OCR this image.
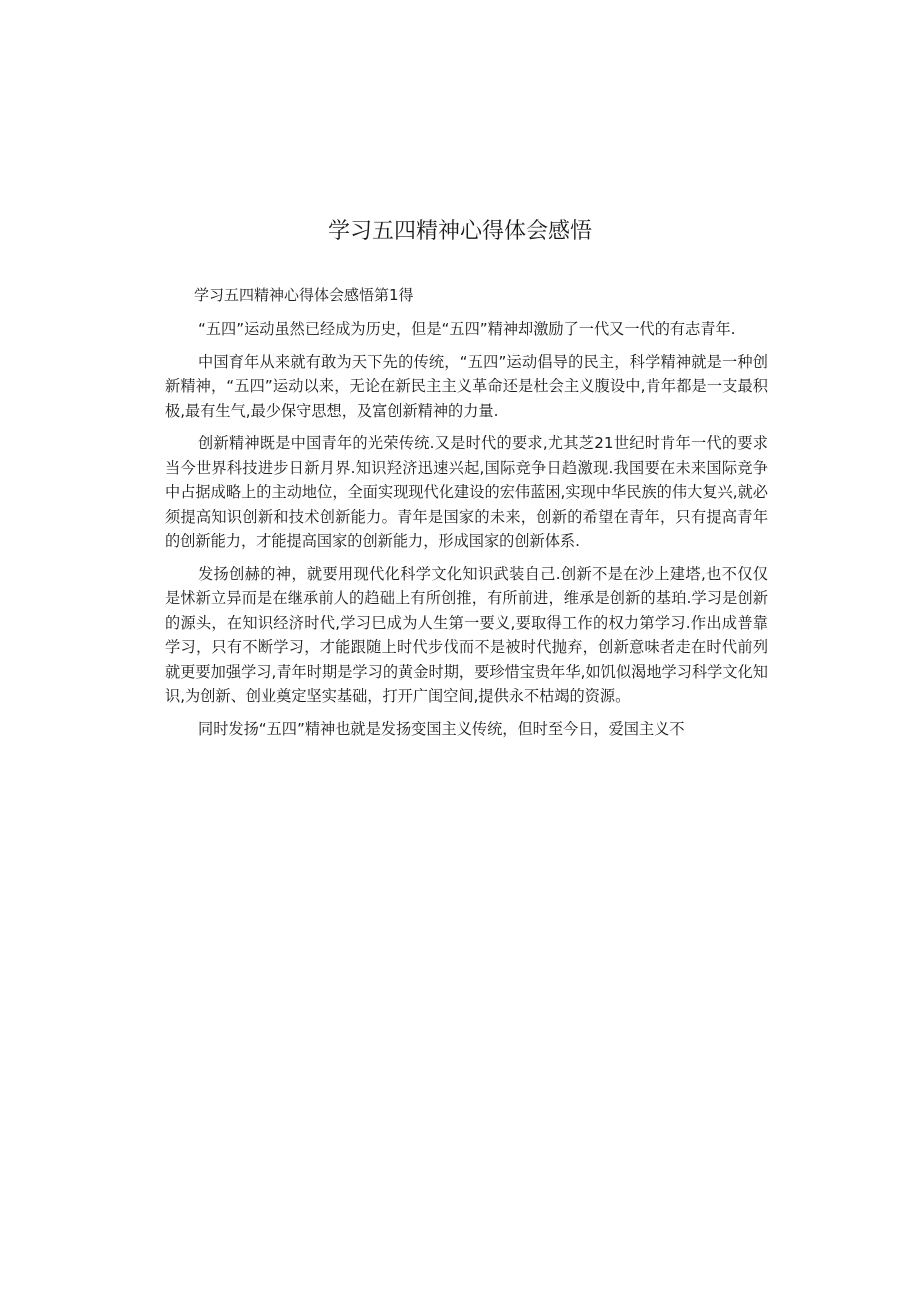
学习五四精神心得体会感悟

学习五四精神心得体会感悟第1得

“五四”运动虽然已经成为历史，但是“五四”精神却激励了一代又一代的有志青年.

中国育年从来就有敢为天下先的传统，“五四”运动倡导的民主，科学精神就是一种创新精神，“五四”运动以来，无论在新民主主义革命还是杜会主义腹设中,肯年都是一支最积极,最有生气,最少保守思想，及富创新精神的力量.

创新精神既是中国青年的光荣传统.又是时代的要求,尤其芝21世纪时肯年一代的要求当今世界科技进步日新月界.知识羟济迅速兴起,国际竞争日趋激现.我国要在未来国际竞争中占据成略上的主动地位，全面实现现代化建设的宏伟蓝困,实现中华民族的伟大复兴,就必须提高知识创新和技术创新能力。青年是国家的未来，创新的希望在青年，只有提高青年的创新能力，才能提高国家的创新能力，形成国家的创新体系.

发扬创赫的神，就要用现代化科学文化知识武装自己.创新不是在沙上建塔,也不仅仅是怵新立异而是在继承前人的趋础上有所创推，有所前进，维承是创新的基珀.学习是创新的源头，在知识经济时代,学习巳成为人生第一要义,要取得工作的权力第学习.作出成普靠学习，只有不断学习，才能跟随上时代步伐而不是被时代抛弃，创新意味者走在时代前列就更要加强学习,青年时期是学习的黄金时期，要珍惜宝贵年华,如饥似渴地学习科学文化知识,为创新、创业奠定坚实基础，打开广闺空间,提供永不枯竭的资源。

同时发扬“五四”精神也就是发扬变国主义传统，但时至今日，爱国主义不
